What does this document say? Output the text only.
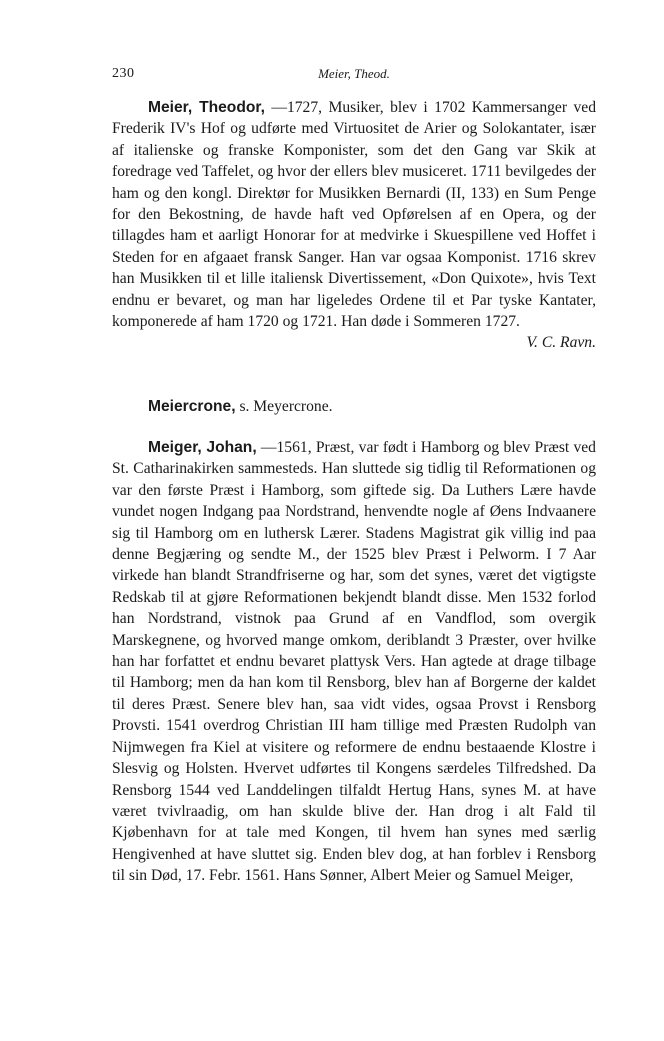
230	Meier, Theod.

Meier, Theodor, —1727, Musiker, blev i 1702 Kammersanger ved Frederik IV's Hof og udførte med Virtuositet de Arier og Solokantater, især af italienske og franske Komponister, som det den Gang var Skik at foredrage ved Taffelet, og hvor der ellers blev musiceret. 1711 bevilgedes der ham og den kongl. Direktør for Musikken Bernardi (II, 133) en Sum Penge for den Bekostning, de havde haft ved Opførelsen af en Opera, og der tillagdes ham et aarligt Honorar for at medvirke i Skuespillene ved Hoffet i Steden for en afgaaet fransk Sanger. Han var ogsaa Komponist. 1716 skrev han Musikken til et lille italiensk Divertissement, «Don Quixote», hvis Text endnu er bevaret, og man har ligeledes Ordene til et Par tyske Kantater, komponerede af ham 1720 og 1721. Han døde i Sommeren 1727.
V. C. Ravn.

Meiercrone, s. Meyercrone.

Meiger, Johan, —1561, Præst, var født i Hamborg og blev Præst ved St. Catharinakirken sammesteds. Han sluttede sig tidlig til Reformationen og var den første Præst i Hamborg, som giftede sig. Da Luthers Lære havde vundet nogen Indgang paa Nordstrand, henvendte nogle af Øens Indvaanere sig til Hamborg om en luthersk Lærer. Stadens Magistrat gik villig ind paa denne Begjæring og sendte M., der 1525 blev Præst i Pelworm. I 7 Aar virkede han blandt Strandfriserne og har, som det synes, været det vigtigste Redskab til at gjøre Reformationen bekjendt blandt disse. Men 1532 forlod han Nordstrand, vistnok paa Grund af en Vandflod, som overgik Marskegnene, og hvorved mange omkom, deriblandt 3 Præster, over hvilke han har forfattet et endnu bevaret plattysk Vers. Han agtede at drage tilbage til Hamborg; men da han kom til Rensborg, blev han af Borgerne der kaldet til deres Præst. Senere blev han, saa vidt vides, ogsaa Provst i Rensborg Provsti. 1541 overdrog Christian III ham tillige med Præsten Rudolph van Nijmwegen fra Kiel at visitere og reformere de endnu bestaaende Klostre i Slesvig og Holsten. Hvervet udførtes til Kongens særdeles Tilfredshed. Da Rensborg 1544 ved Landdelingen tilfaldt Hertug Hans, synes M. at have været tvivlraadig, om han skulde blive der. Han drog i alt Fald til Kjøbenhavn for at tale med Kongen, til hvem han synes med særlig Hengivenhed at have sluttet sig. Enden blev dog, at han forblev i Rensborg til sin Død, 17. Febr. 1561. Hans Sønner, Albert Meier og Samuel Meiger,
